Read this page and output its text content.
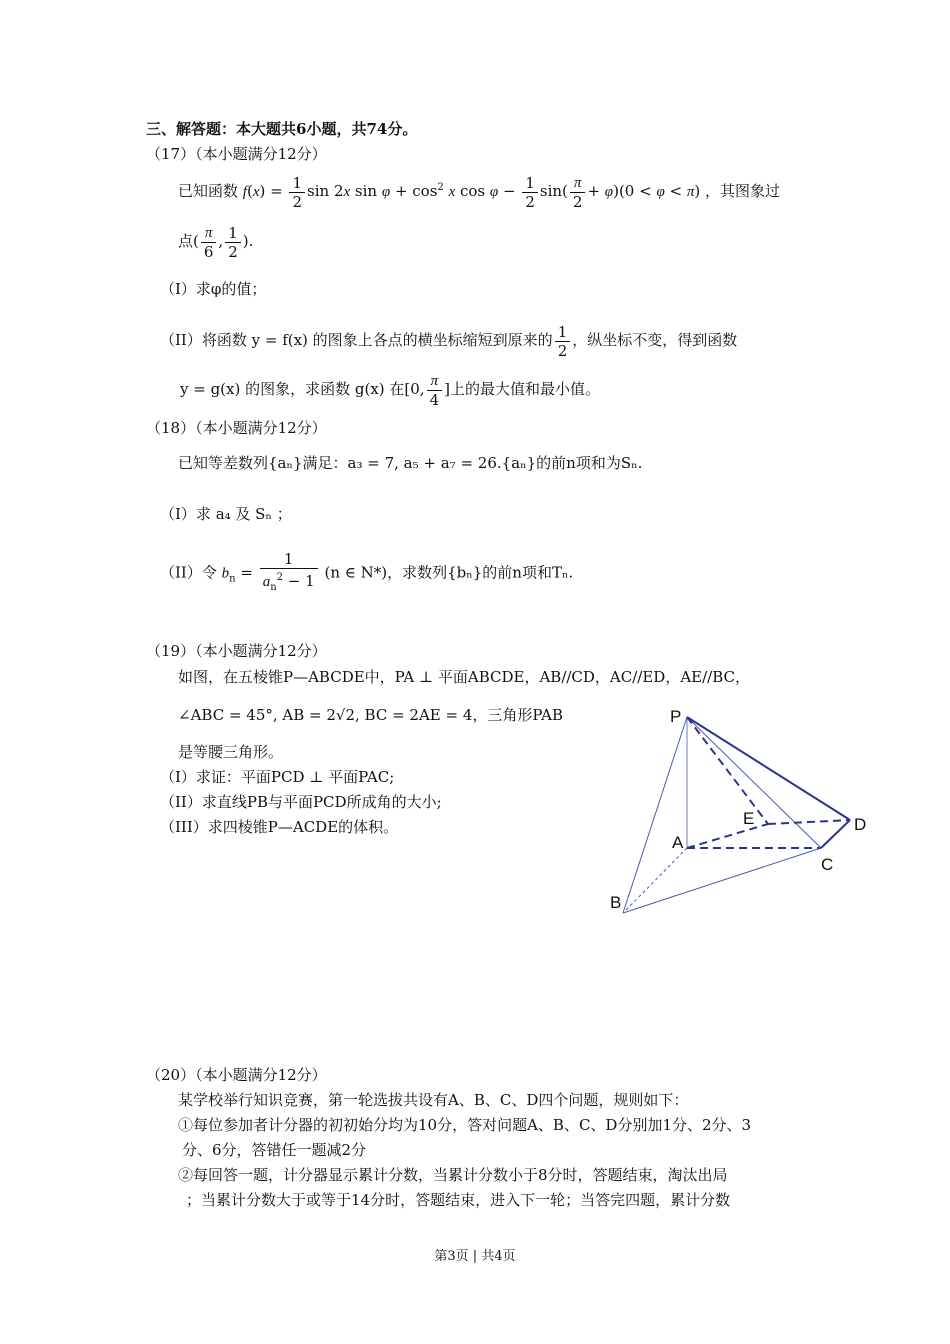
三、解答题：本大题共6小题，共74分。
（17）（本小题满分12分）
已知函数 $f(x) = \frac{1}{2}$ sin 2x $\sin \varphi + \cos^2 x$ $\cos \varphi - \frac{1}{2} \sin( \frac{\pi}{2} + \varphi)(0 < \varphi < \pi)$ ，其图象过
点( $\frac{\pi}{6}$ , $\frac{1}{2}$ ).
（I）求φ的值；
（II）将函数 y = f(x) 的图象上各点的横坐标缩短到原来的 $\frac{1}{2}$ ，纵坐标不变，得到函数
y = g(x) 的图象，求函数 g(x) 在[0, $\frac{\pi}{4}$ ]上的最大值和最小值。
（18）（本小题满分12分）
已知等差数列{aₙ}满足：a₃ = 7, a₅ + a₇ = 26.{aₙ}的前n项和为Sₙ.
（I）求 a₄ 及 Sₙ ；
（II）令 $b_n = \frac{1}{a_n^2 - 1} (n$ ∈ N*)，求数列{bₙ}的前n项和Tₙ.
（19）（本小题满分12分）
如图，在五棱锥P—ABCDE中，PA ⊥ 平面ABCDE，AB//CD，AC//ED，AE//BC，
∠ABC = 45°, AB = 2√2, BC = 2AE = 4，三角形PAB
是等腰三角形。
（I）求证：平面PCD ⊥ 平面PAC;
（II）求直线PB与平面PCD所成角的大小;
（III）求四棱锥P—ACDE的体积。
P
E	D
A
C
B
（20）（本小题满分12分）
某学校举行知识竞赛，第一轮选拔共设有A、B、C、D四个问题，规则如下：
①每位参加者计分器的初初始分均为10分，答对问题A、B、C、D分别加1分、2分、3
分、6分，答错任一题减2分
②每回答一题，计分器显示累计分数，当累计分数小于8分时，答题结束，淘汰出局
；当累计分数大于或等于14分时，答题结束，进入下一轮；当答完四题，累计分数
第3页 | 共4页
